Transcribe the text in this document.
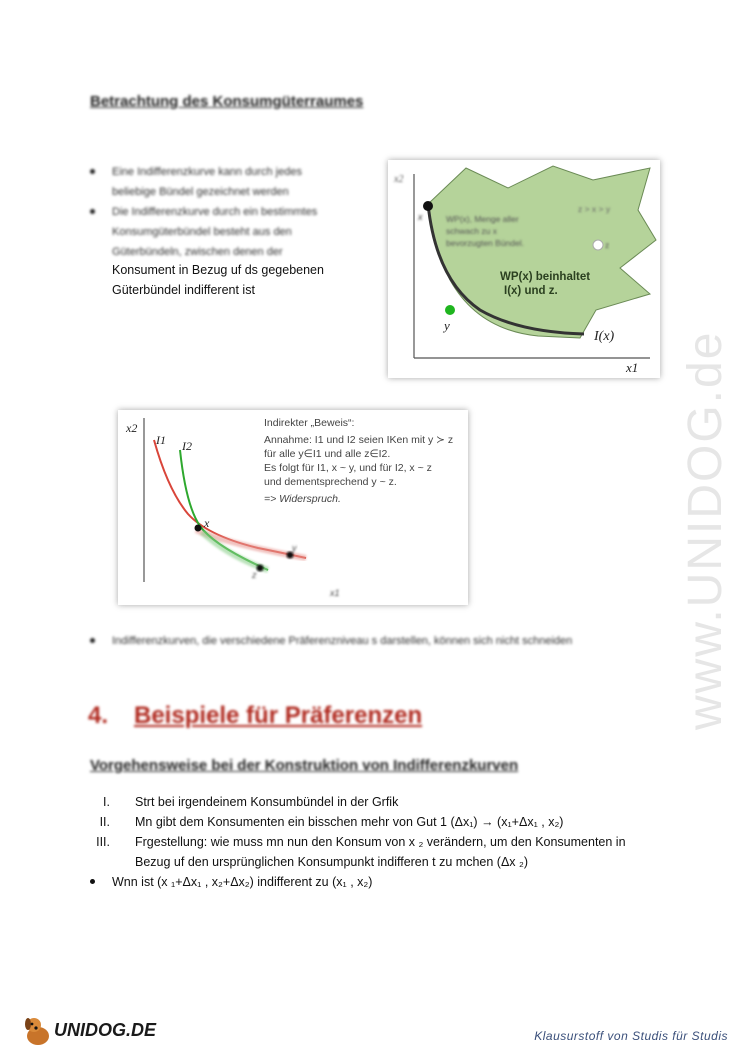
Betrachtung des Konsumgüterraumes
Eine Indifferenzkurve kann durch jedes
beliebige Bündel gezeichnet werden
Die Indifferenzkurve durch ein bestimmtes
Konsumgüterbündel besteht aus den
Güterbündeln, zwischen denen der
Konsument in Bezug uf ds gegebenen
Güterbündel indifferent ist
x2
x1
x	WP(x), Menge aller
schwach zu x
bevorzugten Bündel.
z > x > y
z
WP(x) beinhaltet
I(x) und z.
y
I(x)
x2
I1 I2
x
y
z
x1
Indirekter „Beweis“:
Annahme: I1 und I2 seien IKen mit y ≻ z
für alle y∈I1 und alle z∈I2.
Es folgt für I1, x ~ y, und für I2, x ~ z
und dementsprechend y ~ z.
=> Widerspruch.
Indifferenzkurven, die verschiedene Präferenzniveau s darstellen, können sich nicht schneiden
4. Beispiele für Präferenzen
Vorgehensweise bei der Konstruktion von Indifferenzkurven
I. Strt bei irgendeinem Konsumbündel in der Grfik
II. Mn gibt dem Konsumenten ein bisschen mehr von Gut 1 (Δx₁) → (x₁+Δx₁ , x₂)
III. Frgestellung: wie muss mn nun den Konsum von x ₂ verändern, um den Konsumenten in
Bezug uf den ursprünglichen Konsumpunkt indifferen t zu mchen (Δx ₂)
Wnn ist (x ₁+Δx₁ , x₂+Δx₂) indifferent zu (x₁ , x₂)
www.UNIDOG.de
UNIDOG.DE	Klausurstoff von Studis für Studis
